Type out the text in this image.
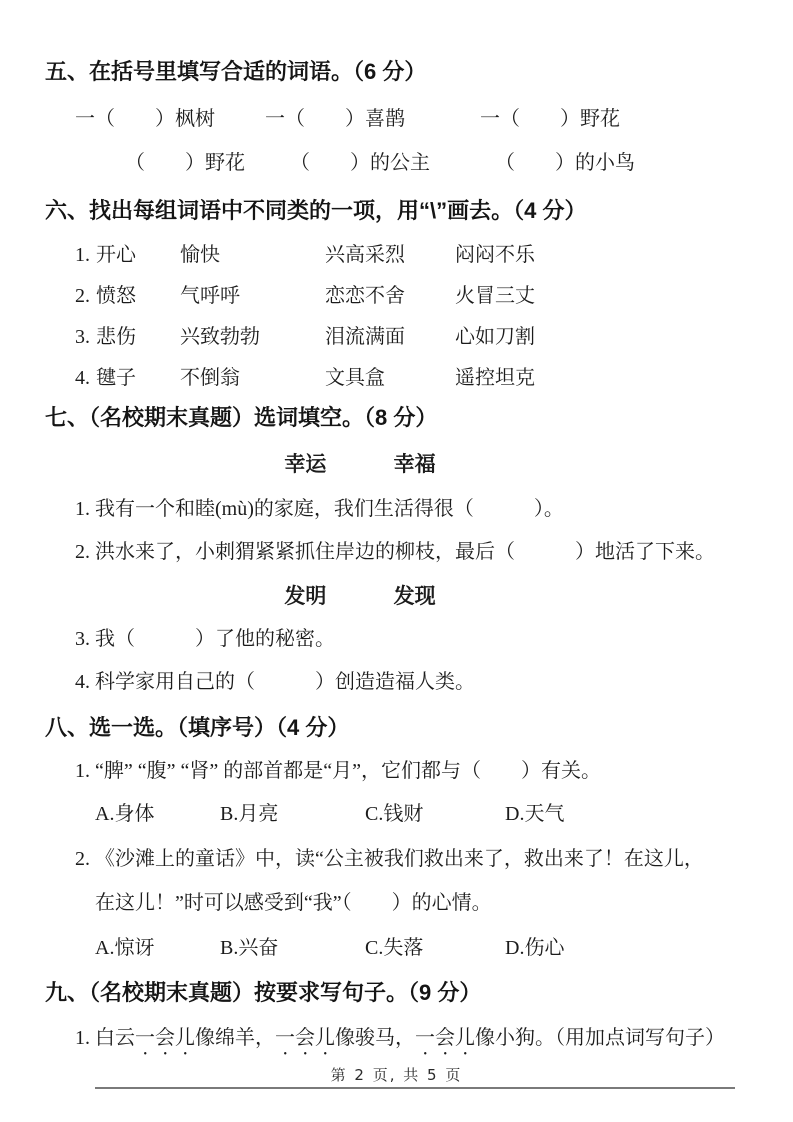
五、在括号里填写合适的词语。（6 分）
一（　　）枫树	一（　　）喜鹊	一（　　）野花
（　　）野花 （　　）的公主	（　　）的小鸟
六、找出每组词语中不同类的一项，用“\”画去。（4 分）
1. 开心	愉快	兴高采烈	闷闷不乐
2. 愤怒	气呼呼	恋恋不舍	火冒三丈
3. 悲伤	兴致勃勃	泪流满面	心如刀割
4. 毽子	不倒翁	文具盒	遥控坦克
七、（名校期末真题）选词填空。（8 分）
幸运	幸福
1. 我有一个和睦(mù)的家庭，我们生活得很（　　　）。
2. 洪水来了，小刺猬紧紧抓住岸边的柳枝，最后（　　　）地活了下来。
发明	发现
3. 我（　　　）了他的秘密。
4. 科学家用自己的（　　　）创造造福人类。
八、选一选。（填序号）（4 分）
1. “脾” “腹” “肾” 的部首都是“月”，它们都与（　　）有关。
A.身体	B.月亮	C.钱财	D.天气
2. 《沙滩上的童话》中，读“公主被我们救出来了，救出来了！在这儿，
在这儿！”时可以感受到“我”（　　）的心情。
A.惊讶	B.兴奋	C.失落	D.伤心
九、（名校期末真题）按要求写句子。（9 分）
1. 白云一会儿像绵羊，一会儿像骏马，一会儿像小狗。（用加点词写句子）
第 2 页, 共 5 页
